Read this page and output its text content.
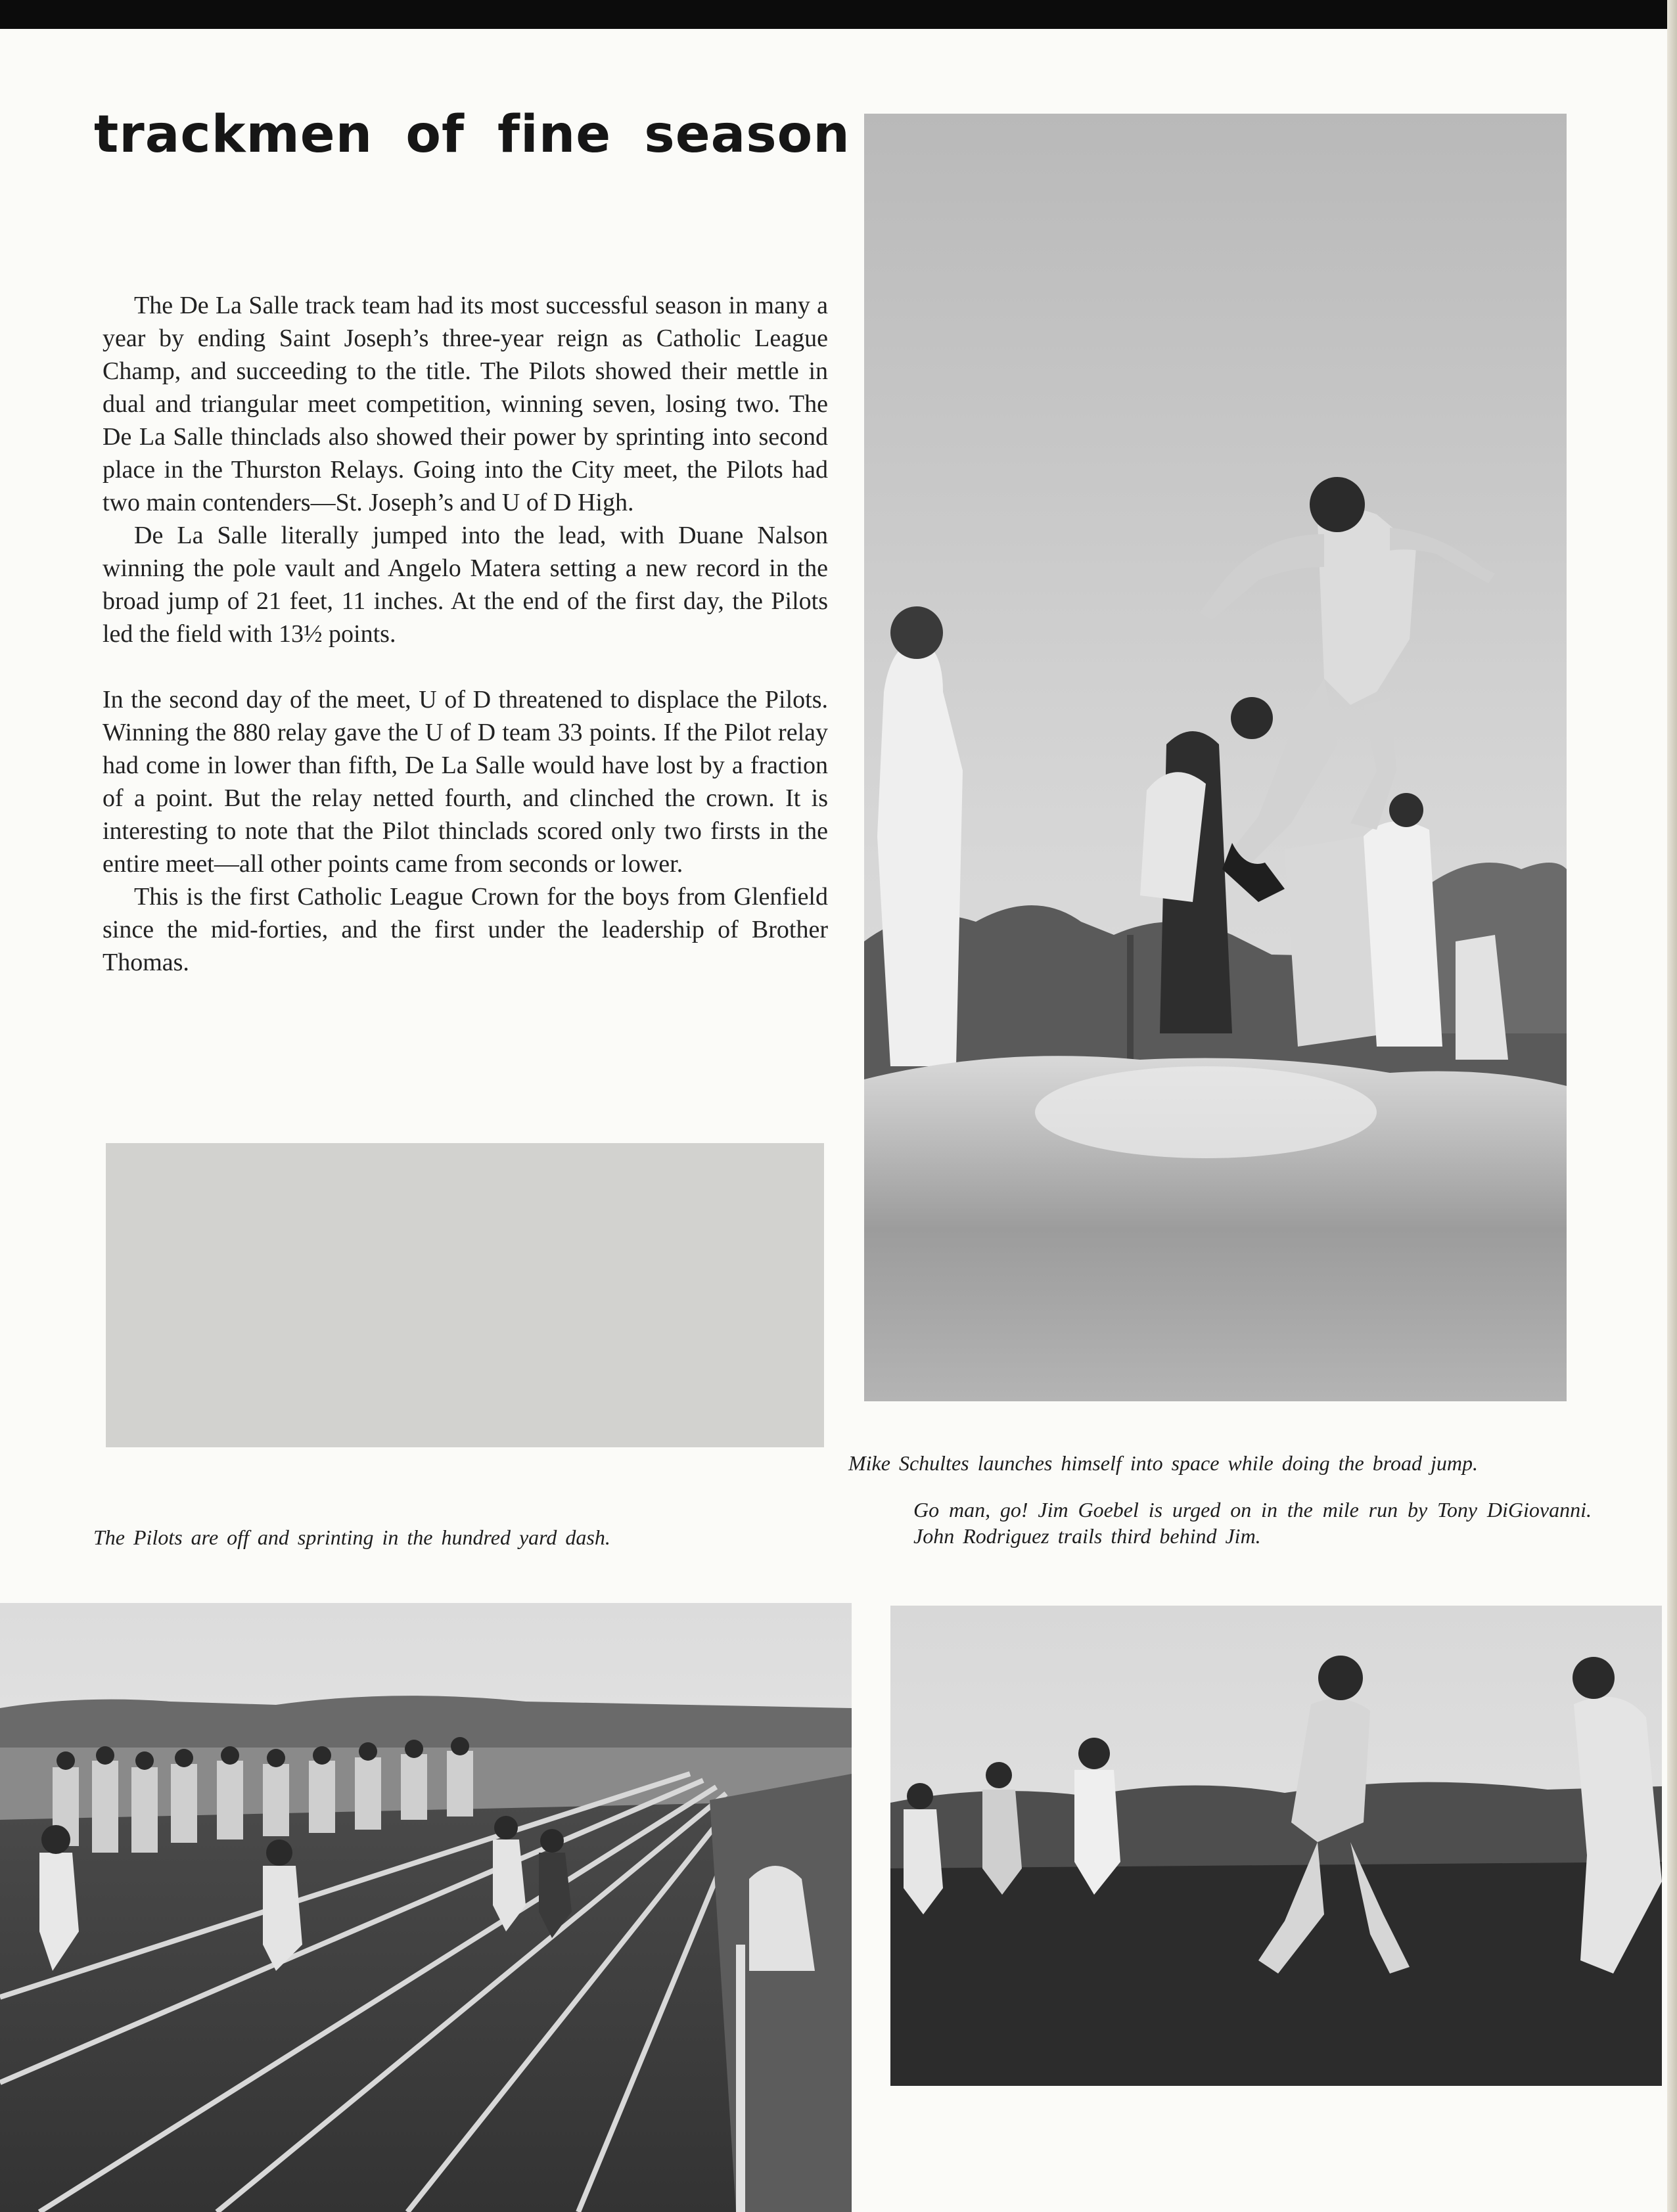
trackmen of fine season

The De La Salle track team had its most successful season in many a year by ending Saint Joseph’s three-year reign as Catholic League Champ, and succeeding to the title. The Pilots showed their mettle in dual and triangular meet competition, winning seven, losing two. The De La Salle thinclads also showed their power by sprinting into second place in the Thurston Relays. Going into the City meet, the Pilots had two main contenders—St. Joseph’s and U of D High.

De La Salle literally jumped into the lead, with Duane Nalson winning the pole vault and Angelo Matera setting a new record in the broad jump of 21 feet, 11 inches. At the end of the first day, the Pilots led the field with 13½ points.

In the second day of the meet, U of D threatened to displace the Pilots. Winning the 880 relay gave the U of D team 33 points. If the Pilot relay had come in lower than fifth, De La Salle would have lost by a fraction of a point. But the relay netted fourth, and clinched the crown. It is interesting to note that the Pilot thinclads scored only two firsts in the entire meet—all other points came from seconds or lower.

This is the first Catholic League Crown for the boys from Glenfield since the mid-forties, and the first under the leadership of Brother Thomas.

Mike Schultes launches himself into space while doing the broad jump.

The Pilots are off and sprinting in the hundred yard dash.

Go man, go! Jim Goebel is urged on in the mile run by Tony DiGiovanni. John Rodriguez trails third behind Jim.
